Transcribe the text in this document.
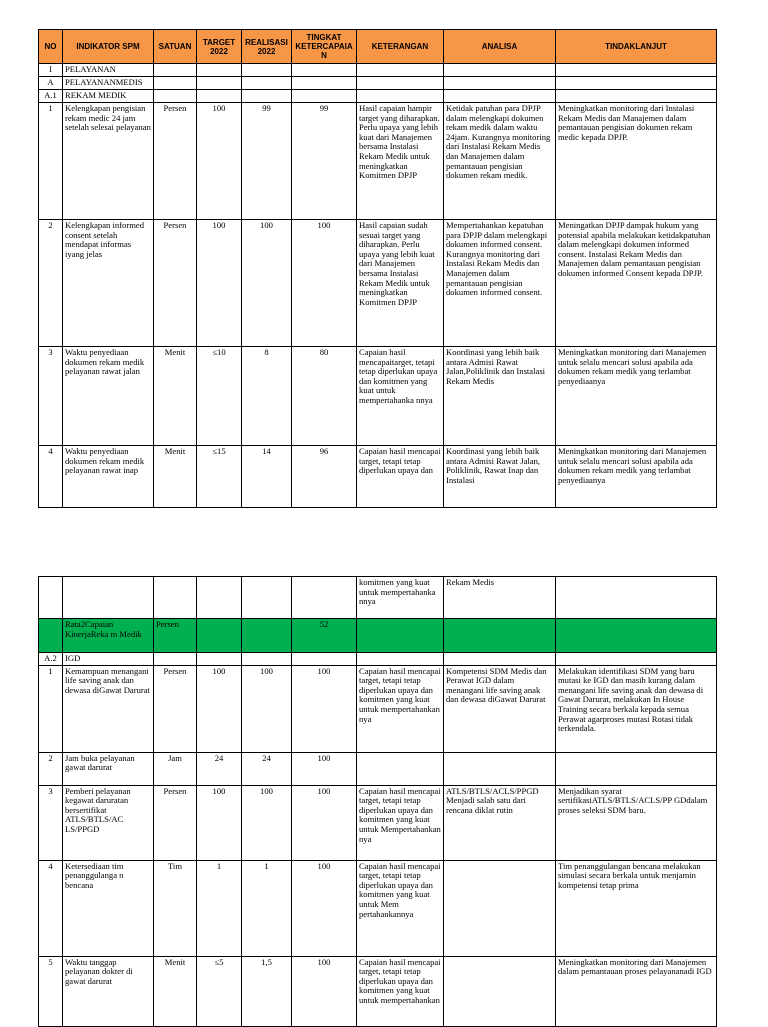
NO	INDIKATOR SPM	SATUAN	TARGET 2022	REALISASI 2022	TINGKAT KETERCAPAIAN	KETERANGAN	ANALISA	TINDAKLANJUT
I	PELAYANAN							
A	PELAYANANMEDIS							
A.1	REKAM MEDIK							
1	Kelengkapan pengisian rekam medic 24 jam setelah selesai pelayanan	Persen	100	99	99	Hasil capaian hampir target yang diharapkan. Perlu upaya yang lebih kuat dari Manajemen bersama Instalasi Rekam Medik untuk meningkatkan Komitmen DPJP	Ketidak patuhan para DPJP dalam melengkapi dokumen rekam medik dalam waktu 24jam. Kurangnya monitoring dari Instalasi Rekam Medis dan Manajemen dalam pemantauan pengisian dokumen rekam medik.	Meningkatkan monitoring dari Instalasi Rekam Medis dan Manajemen dalam pemantauan pengisian dokumen rekam medic kepada DPJP.
2	Kelengkapan informed consent setelah mendapat informas iyang jelas	Persen	100	100	100	Hasil capaian sudah sesuai target yang diharapkan. Perlu upaya yang lebih kuat dari Manajemen bersama Instalasi Rekam Medik untuk meningkatkan Komitmen DPJP	Mempertahankan kepatuhan para DPJP dalam melengkapi dokumen informed consent. Kurangnya monitoring dari Instalasi Rekam Medis dan Manajemen dalam pemantauan pengisian dokumen informed consent.	Meningatkan DPJP dampak hukum yang potensial apabila melakukan ketidakpatuhan dalam melengkapi dokumen informed consent. Instalasi Rekam Medis dan Manajemen dalam pemantauan pengisian dokumen informed Consent kepada DPJP.
3	Waktu penyediaan dokumen rekam medik pelayanan rawat jalan	Menit	≤10	8	80	Capaian hasil mencapaitarget, tetapi tetap diperlukan upaya dan komitmen yang kuat untuk mempertahanka nnya	Koordinasi yang lebih baik antara Admisi Rawat Jalan,Poliklinik dan Instalasi Rekam Medis	Meningkatkan monitoring dari Manajemen untuk selalu mencari solusi apabila ada dokumen rekam medik yang terlambat penyediaanya
4	Waktu penyediaan dokumen rekam medik pelayanan rawat inap	Menit	≤15	14	96	Capaian hasil mencapai target, tetapi tetap diperlukan upaya dan	Koordinasi yang lebih baik antara Admisi Rawat Jalan, Poliklinik, Rawat Inap dan Instalasi	Meningkatkan monitoring dari Manajemen untuk selalu mencari solusi apabila ada dokumen rekam medik yang terlambat penyediaanya
						komitmen yang kuat untuk mempertahanka nnya	Rekam Medis	
	Rata2Capaian KinerjaReka m Medik	Persen			52			
A.2	IGD							
1	Kemampuan menangani life saving anak dan dewasa diGawat Darurat	Persen	100	100	100	Capaian hasil mencapai target, tetapi tetap diperlukan upaya dan komitmen yang kuat untuk mempertahankan nya	Kompetensi SDM Medis dan Perawat IGD dalam menangani life saving anak dan dewasa diGawat Darurat	Melakukan identifikasi SDM yang baru mutasi ke IGD dan masih kurang dalam menangani life saving anak dan dewasa di Gawat Darurat, melakukan In House Training secara berkala kepada semua Perawat agarproses mutasi Rotasi tidak terkendala.
2	Jam buka pelayanan gawat darurat	Jam	24	24	100			
3	Pemberi pelayanan kegawat daruratan bersertifikat ATLS/BTLS/AC LS/PPGD	Persen	100	100	100	Capaian hasil mencapai target, tetapi tetap diperlukan upaya dan komitmen yang kuat untuk Mempertahankan nya	ATLS/BTLS/ACLS/PPGD Menjadi salah satu dari rencana diklat rutin	Menjadikan syarat sertifikasiATLS/BTLS/ACLS/PP GDdalam proses seleksi SDM baru.
4	Ketersediaan tim penanggulanga n bencana	Tim	1	1	100	Capaian hasil mencapai target, tetapi tetap diperlukan upaya dan komitmen yang kuat untuk Mem pertahankannya		Tim penanggulangan bencana melakukan simulasi secara berkala untuk menjamin kompetensi tetap prima
5	Waktu tanggap pelayanan dokter di gawat darurat	Menit	≤5	1,5	100	Capaian hasil mencapai target, tetapi tetap diperlukan upaya dan komitmen yang kuat untuk mempertahankan		Meningkatkan monitoring dari Manajemen dalam pemantauan proses pelayananadi IGD
